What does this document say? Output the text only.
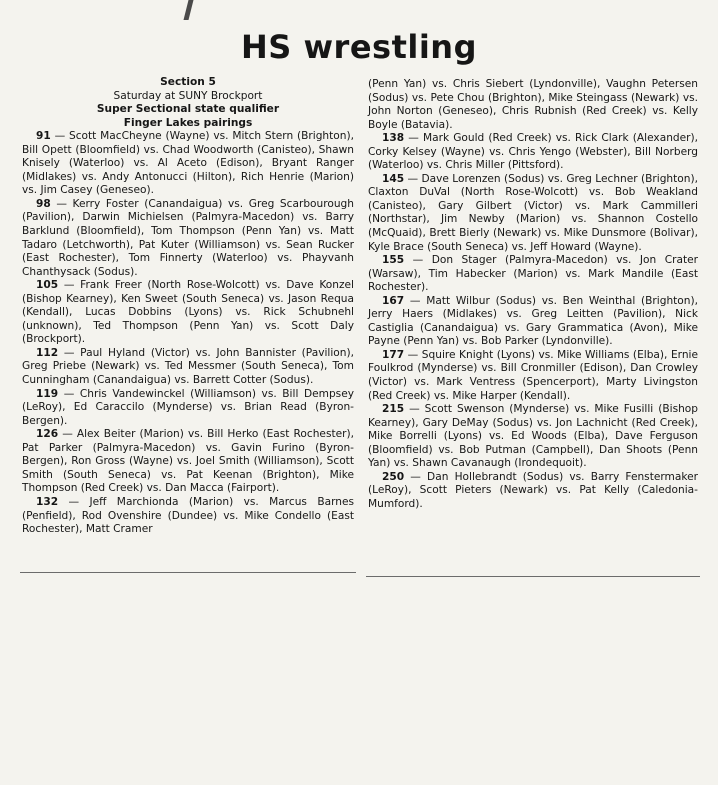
HS wrestling

Section 5

Saturday at SUNY Brockport

Super Sectional state qualifier

Finger Lakes pairings

91 — Scott MacCheyne (Wayne) vs. Mitch Stern (Brighton), Bill Opett (Bloomfield) vs. Chad Woodworth (Canisteo), Shawn Knisely (Waterloo) vs. Al Aceto (Edison), Bryant Ranger (Midlakes) vs. Andy Antonucci (Hilton), Rich Henrie (Marion) vs. Jim Casey (Geneseo).

98 — Kerry Foster (Canandaigua) vs. Greg Scarbourough (Pavilion), Darwin Michielsen (Palmyra-Macedon) vs. Barry Barklund (Bloomfield), Tom Thompson (Penn Yan) vs. Matt Tadaro (Letchworth), Pat Kuter (Williamson) vs. Sean Rucker (East Rochester), Tom Finnerty (Waterloo) vs. Phayvanh Chanthysack (Sodus).

105 — Frank Freer (North Rose-Wolcott) vs. Dave Konzel (Bishop Kearney), Ken Sweet (South Seneca) vs. Jason Requa (Kendall), Lucas Dobbins (Lyons) vs. Rick Schubnehl (unknown), Ted Thompson (Penn Yan) vs. Scott Daly (Brockport).

112 — Paul Hyland (Victor) vs. John Bannister (Pavilion), Greg Priebe (Newark) vs. Ted Messmer (South Seneca), Tom Cunningham (Canandaigua) vs. Barrett Cotter (Sodus).

119 — Chris Vandewinckel (Williamson) vs. Bill Dempsey (LeRoy), Ed Caraccilo (Mynderse) vs. Brian Read (Byron-Bergen).

126 — Alex Beiter (Marion) vs. Bill Herko (East Rochester), Pat Parker (Palmyra-Macedon) vs. Gavin Furino (Byron-Bergen), Ron Gross (Wayne) vs. Joel Smith (Williamson), Scott Smith (South Seneca) vs. Pat Keenan (Brighton), Mike Thompson (Red Creek) vs. Dan Macca (Fairport).

132 — Jeff Marchionda (Marion) vs. Marcus Barnes (Penfield), Rod Ovenshire (Dundee) vs. Mike Condello (East Rochester), Matt Cramer

(Penn Yan) vs. Chris Siebert (Lyndonville), Vaughn Petersen (Sodus) vs. Pete Chou (Brighton), Mike Steingass (Newark) vs. John Norton (Geneseo), Chris Rubnish (Red Creek) vs. Kelly Boyle (Batavia).

138 — Mark Gould (Red Creek) vs. Rick Clark (Alexander), Corky Kelsey (Wayne) vs. Chris Yengo (Webster), Bill Norberg (Waterloo) vs. Chris Miller (Pittsford).

145 — Dave Lorenzen (Sodus) vs. Greg Lechner (Brighton), Claxton DuVal (North Rose-Wolcott) vs. Bob Weakland (Canisteo), Gary Gilbert (Victor) vs. Mark Cammilleri (Northstar), Jim Newby (Marion) vs. Shannon Costello (McQuaid), Brett Bierly (Newark) vs. Mike Dunsmore (Bolivar), Kyle Brace (South Seneca) vs. Jeff Howard (Wayne).

155 — Don Stager (Palmyra-Macedon) vs. Jon Crater (Warsaw), Tim Habecker (Marion) vs. Mark Mandile (East Rochester).

167 — Matt Wilbur (Sodus) vs. Ben Weinthal (Brighton), Jerry Haers (Midlakes) vs. Greg Leitten (Pavilion), Nick Castiglia (Canandaigua) vs. Gary Grammatica (Avon), Mike Payne (Penn Yan) vs. Bob Parker (Lyndonville).

177 — Squire Knight (Lyons) vs. Mike Williams (Elba), Ernie Foulkrod (Mynderse) vs. Bill Cronmiller (Edison), Dan Crowley (Victor) vs. Mark Ventress (Spencerport), Marty Livingston (Red Creek) vs. Mike Harper (Kendall).

215 — Scott Swenson (Mynderse) vs. Mike Fusilli (Bishop Kearney), Gary DeMay (Sodus) vs. Jon Lachnicht (Red Creek), Mike Borrelli (Lyons) vs. Ed Woods (Elba), Dave Ferguson (Bloomfield) vs. Bob Putman (Campbell), Dan Shoots (Penn Yan) vs. Shawn Cavanaugh (Irondequoit).

250 — Dan Hollebrandt (Sodus) vs. Barry Fenstermaker (LeRoy), Scott Pieters (Newark) vs. Pat Kelly (Caledonia-Mumford).
